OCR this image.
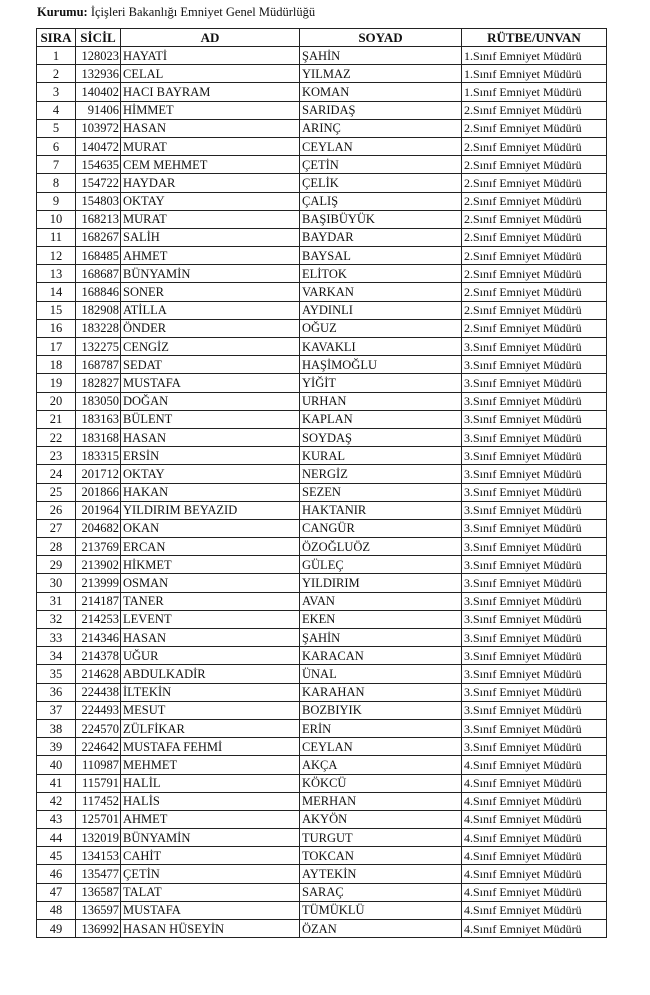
Kurumu: İçişleri Bakanlığı Emniyet Genel Müdürlüğü
SIRA	SİCİL	AD	SOYAD	RÜTBE/UNVAN
1	128023	HAYATİ	ŞAHİN	1.Sınıf Emniyet Müdürü
2	132936	CELAL	YILMAZ	1.Sınıf Emniyet Müdürü
3	140402	HACI BAYRAM	KOMAN	1.Sınıf Emniyet Müdürü
4	91406	HİMMET	SARIDAŞ	2.Sınıf Emniyet Müdürü
5	103972	HASAN	ARINÇ	2.Sınıf Emniyet Müdürü
6	140472	MURAT	CEYLAN	2.Sınıf Emniyet Müdürü
7	154635	CEM MEHMET	ÇETİN	2.Sınıf Emniyet Müdürü
8	154722	HAYDAR	ÇELİK	2.Sınıf Emniyet Müdürü
9	154803	OKTAY	ÇALIŞ	2.Sınıf Emniyet Müdürü
10	168213	MURAT	BAŞIBÜYÜK	2.Sınıf Emniyet Müdürü
11	168267	SALİH	BAYDAR	2.Sınıf Emniyet Müdürü
12	168485	AHMET	BAYSAL	2.Sınıf Emniyet Müdürü
13	168687	BÜNYAMİN	ELİTOK	2.Sınıf Emniyet Müdürü
14	168846	SONER	VARKAN	2.Sınıf Emniyet Müdürü
15	182908	ATİLLA	AYDINLI	2.Sınıf Emniyet Müdürü
16	183228	ÖNDER	OĞUZ	2.Sınıf Emniyet Müdürü
17	132275	CENGİZ	KAVAKLI	3.Sınıf Emniyet Müdürü
18	168787	SEDAT	HAŞİMOĞLU	3.Sınıf Emniyet Müdürü
19	182827	MUSTAFA	YİĞİT	3.Sınıf Emniyet Müdürü
20	183050	DOĞAN	URHAN	3.Sınıf Emniyet Müdürü
21	183163	BÜLENT	KAPLAN	3.Sınıf Emniyet Müdürü
22	183168	HASAN	SOYDAŞ	3.Sınıf Emniyet Müdürü
23	183315	ERSİN	KURAL	3.Sınıf Emniyet Müdürü
24	201712	OKTAY	NERGİZ	3.Sınıf Emniyet Müdürü
25	201866	HAKAN	SEZEN	3.Sınıf Emniyet Müdürü
26	201964	YILDIRIM BEYAZID	HAKTANIR	3.Sınıf Emniyet Müdürü
27	204682	OKAN	CANGÜR	3.Sınıf Emniyet Müdürü
28	213769	ERCAN	ÖZOĞLUÖZ	3.Sınıf Emniyet Müdürü
29	213902	HİKMET	GÜLEÇ	3.Sınıf Emniyet Müdürü
30	213999	OSMAN	YILDIRIM	3.Sınıf Emniyet Müdürü
31	214187	TANER	AVAN	3.Sınıf Emniyet Müdürü
32	214253	LEVENT	EKEN	3.Sınıf Emniyet Müdürü
33	214346	HASAN	ŞAHİN	3.Sınıf Emniyet Müdürü
34	214378	UĞUR	KARACAN	3.Sınıf Emniyet Müdürü
35	214628	ABDULKADİR	ÜNAL	3.Sınıf Emniyet Müdürü
36	224438	İLTEKİN	KARAHAN	3.Sınıf Emniyet Müdürü
37	224493	MESUT	BOZBIYIK	3.Sınıf Emniyet Müdürü
38	224570	ZÜLFİKAR	ERİN	3.Sınıf Emniyet Müdürü
39	224642	MUSTAFA FEHMİ	CEYLAN	3.Sınıf Emniyet Müdürü
40	110987	MEHMET	AKÇA	4.Sınıf Emniyet Müdürü
41	115791	HALİL	KÖKCÜ	4.Sınıf Emniyet Müdürü
42	117452	HALİS	MERHAN	4.Sınıf Emniyet Müdürü
43	125701	AHMET	AKYÖN	4.Sınıf Emniyet Müdürü
44	132019	BÜNYAMİN	TURGUT	4.Sınıf Emniyet Müdürü
45	134153	CAHİT	TOKCAN	4.Sınıf Emniyet Müdürü
46	135477	ÇETİN	AYTEKİN	4.Sınıf Emniyet Müdürü
47	136587	TALAT	SARAÇ	4.Sınıf Emniyet Müdürü
48	136597	MUSTAFA	TÜMÜKLÜ	4.Sınıf Emniyet Müdürü
49	136992	HASAN HÜSEYİN	ÖZAN	4.Sınıf Emniyet Müdürü
